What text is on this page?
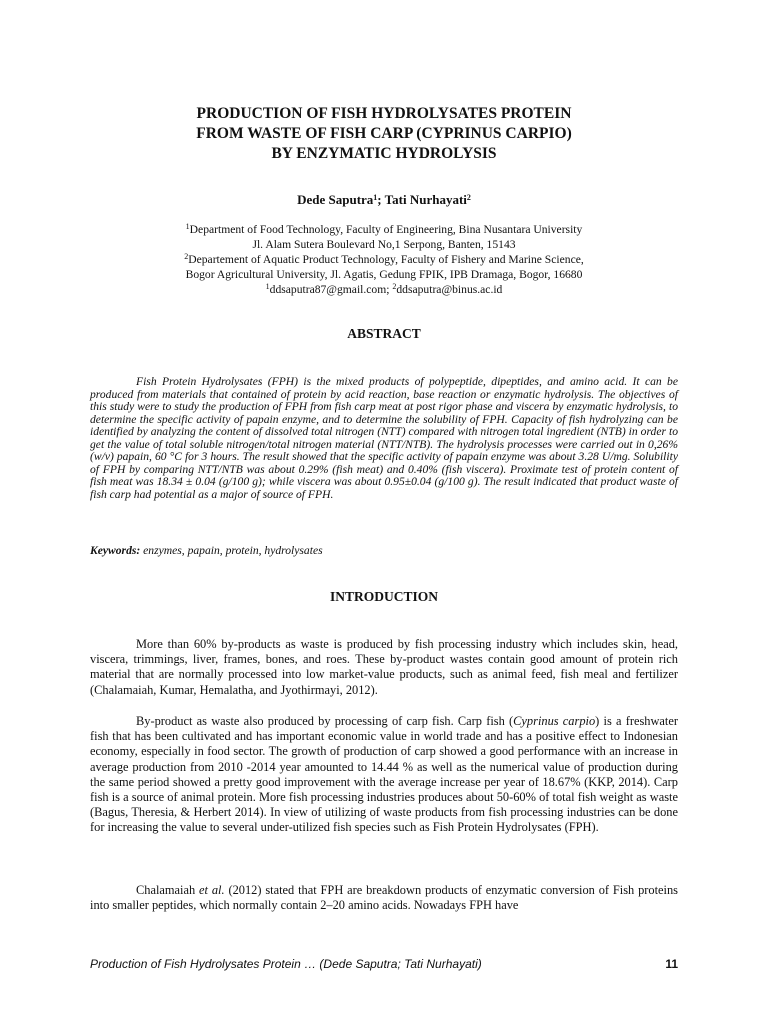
PRODUCTION OF FISH HYDROLYSATES PROTEIN
FROM WASTE OF FISH CARP (CYPRINUS CARPIO)
BY ENZYMATIC HYDROLYSIS

Dede Saputra$^1$; Tati Nurhayati$^2$

$^1$Department of Food Technology, Faculty of Engineering, Bina Nusantara University

Jl. Alam Sutera Boulevard No,1 Serpong, Banten, 15143

$^2$Departement of Aquatic Product Technology, Faculty of Fishery and Marine Science,

Bogor Agricultural University, Jl. Agatis, Gedung FPIK, IPB Dramaga, Bogor, 16680

$^1$ddsaputra87@gmail.com; $^2$ddsaputra@binus.ac.id

ABSTRACT

Fish Protein Hydrolysates (FPH) is the mixed products of polypeptide, dipeptides, and amino acid. It can be produced from materials that contained of protein by acid reaction, base reaction or enzymatic hydrolysis. The objectives of this study were to study the production of FPH from fish carp meat at post rigor phase and viscera by enzymatic hydrolysis, to determine the specific activity of papain enzyme, and to determine the solubility of FPH. Capacity of fish hydrolyzing can be identified by analyzing the content of dissolved total nitrogen (NTT) compared with nitrogen total ingredient (NTB) in order to get the value of total soluble nitrogen/total nitrogen material (NTT/NTB). The hydrolysis processes were carried out in 0,26% (w/v) papain, 60 °C for 3 hours. The result showed that the specific activity of papain enzyme was about 3.28 U/mg. Solubility of FPH by comparing NTT/NTB was about 0.29% (fish meat) and 0.40% (fish viscera). Proximate test of protein content of fish meat was 18.34 ± 0.04 (g/100 g); while viscera was about 0.95±0.04 (g/100 g). The result indicated that product waste of fish carp had potential as a major of source of FPH.

Keywords: enzymes, papain, protein, hydrolysates

INTRODUCTION

More than 60% by-products as waste is produced by fish processing industry which includes skin, head, viscera, trimmings, liver, frames, bones, and roes. These by-product wastes contain good amount of protein rich material that are normally processed into low market-value products, such as animal feed, fish meal and fertilizer (Chalamaiah, Kumar, Hemalatha, and Jyothirmayi, 2012).

By-product as waste also produced by processing of carp fish. Carp fish (Cyprinus carpio) is a freshwater fish that has been cultivated and has important economic value in world trade and has a positive effect to Indonesian economy, especially in food sector. The growth of production of carp showed a good performance with an increase in average production from 2010 -2014 year amounted to 14.44 % as well as the numerical value of production during the same period showed a pretty good improvement with the average increase per year of 18.67% (KKP, 2014). Carp fish is a source of animal protein. More fish processing industries produces about 50-60% of total fish weight as waste (Bagus, Theresia, & Herbert 2014). In view of utilizing of waste products from fish processing industries can be done for increasing the value to several under-utilized fish species such as Fish Protein Hydrolysates (FPH).

Chalamaiah et al. (2012) stated that FPH are breakdown products of enzymatic conversion of Fish proteins into smaller peptides, which normally contain 2–20 amino acids. Nowadays FPH have

Production of Fish Hydrolysates Protein … (Dede Saputra; Tati Nurhayati)	11
